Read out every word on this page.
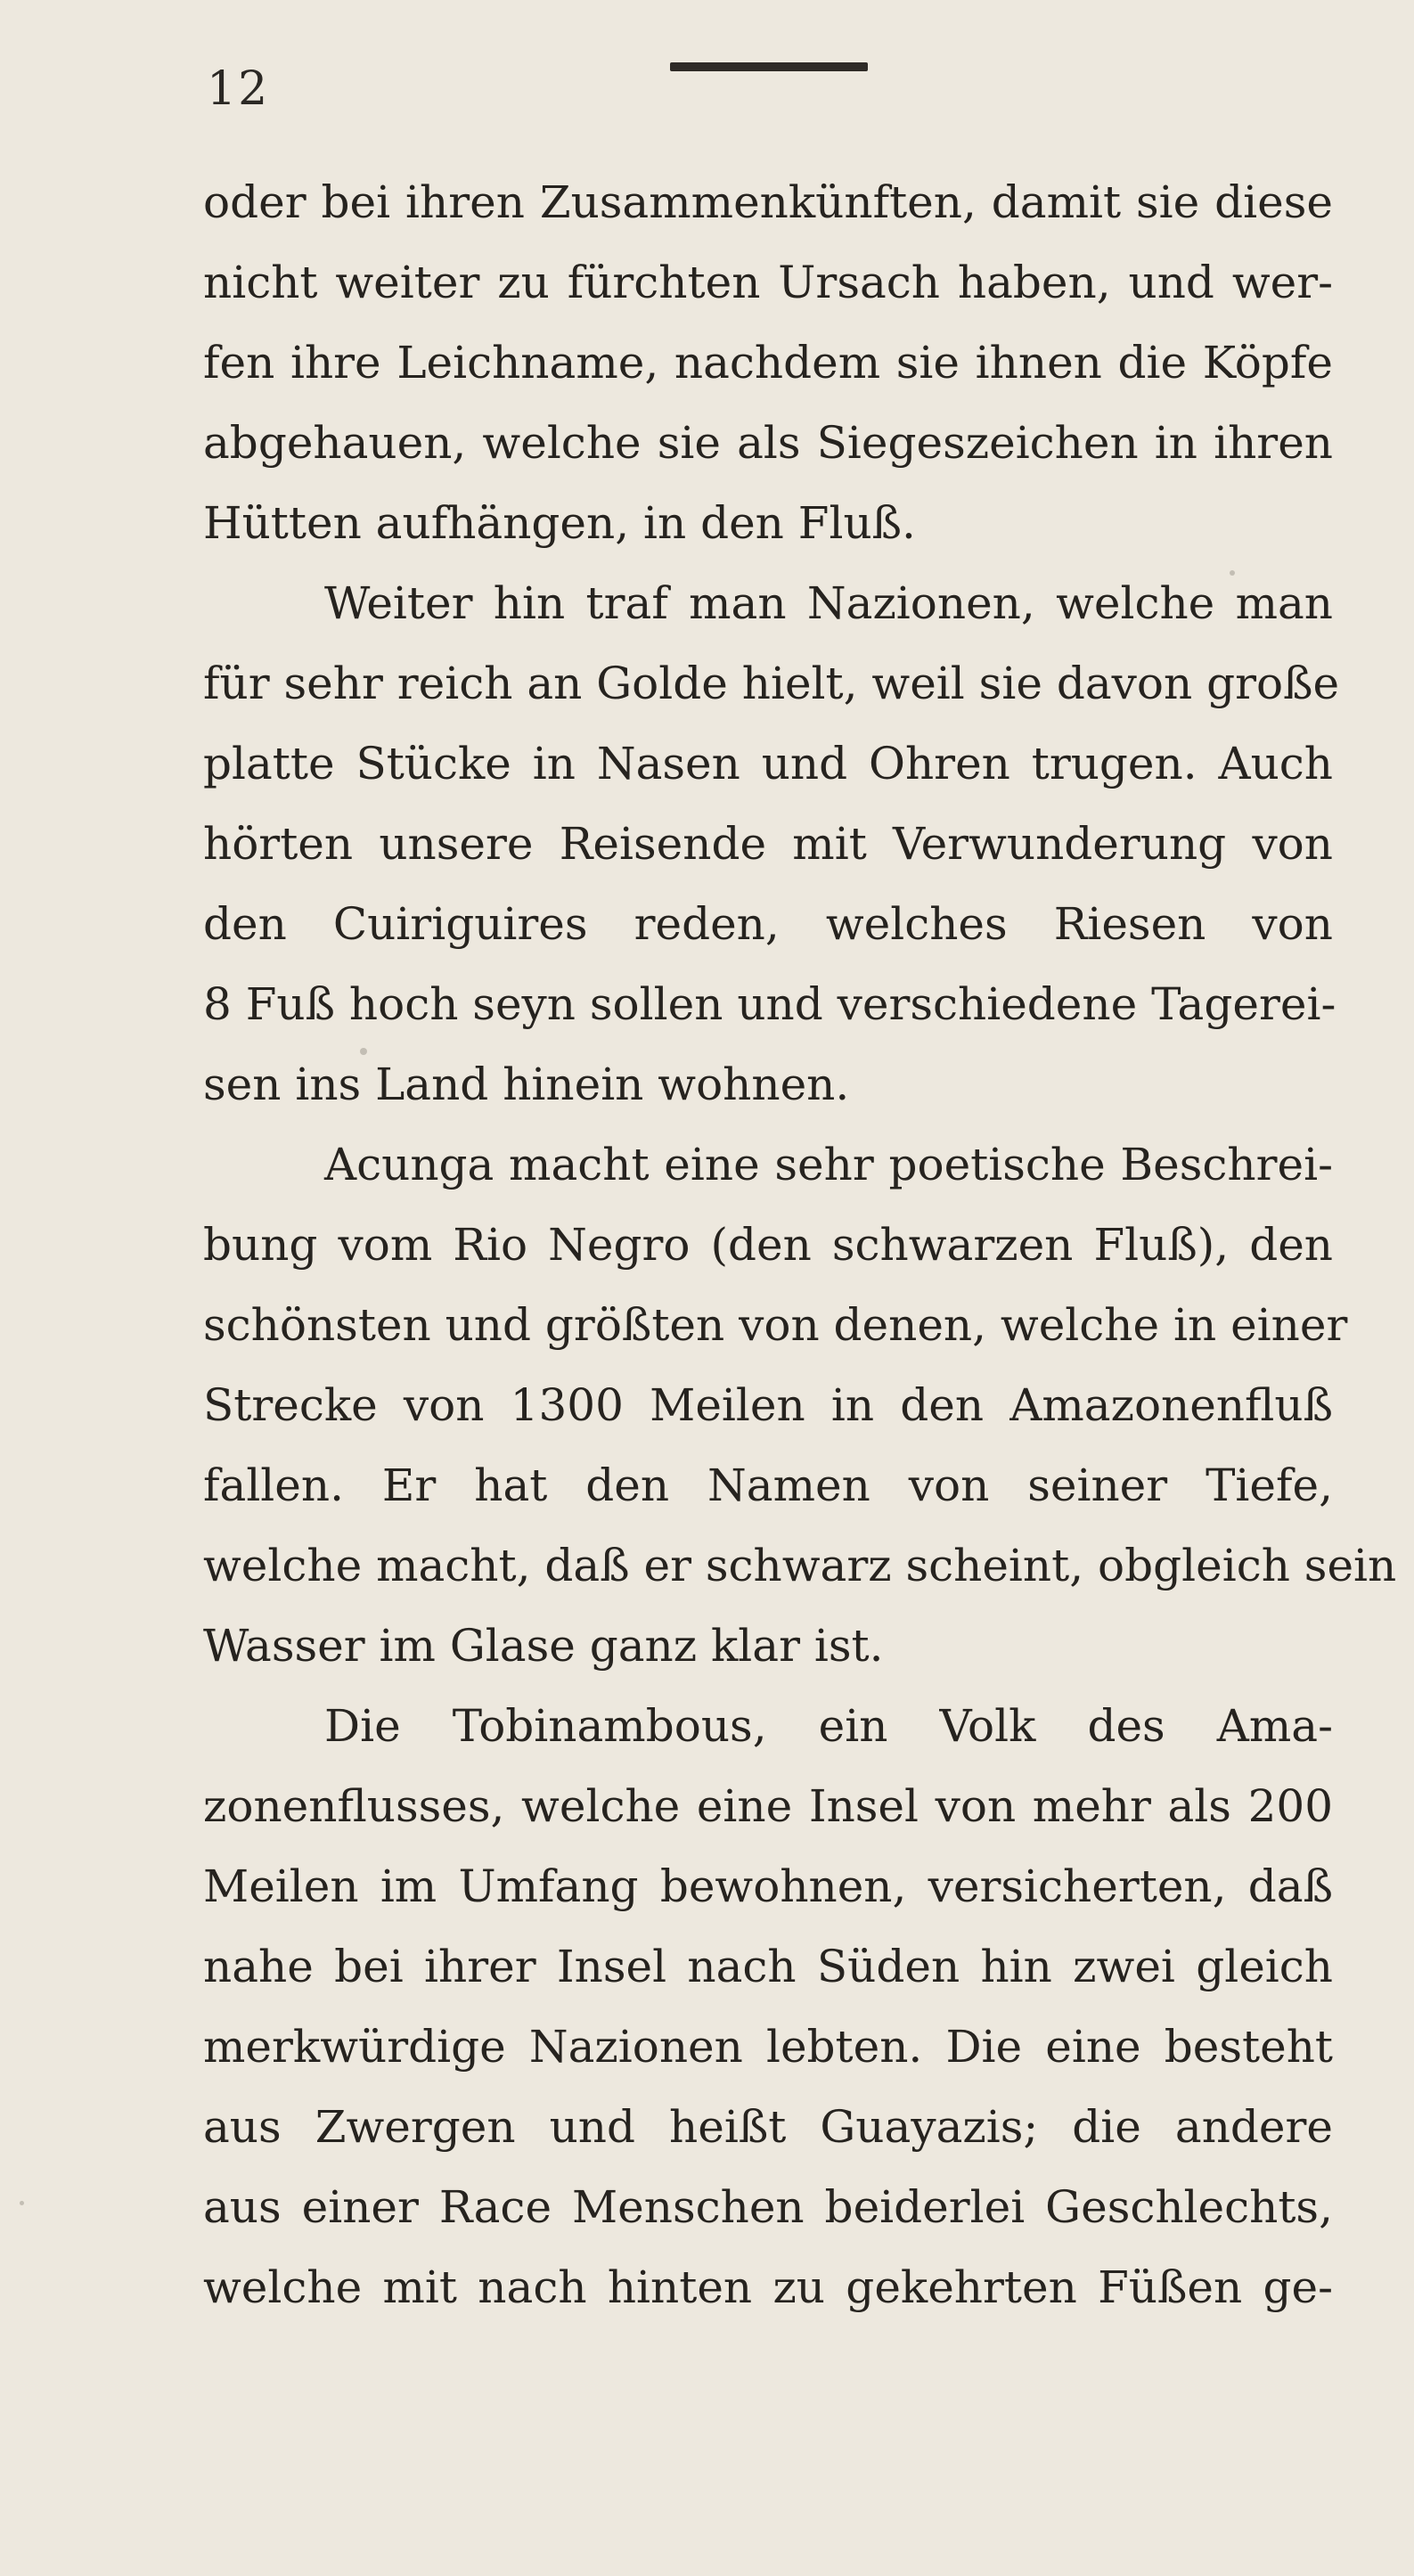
12
oder bei ihren Zusammenkünften, damit sie diese
nicht weiter zu fürchten Ursach haben, und wer-
fen ihre Leichname, nachdem sie ihnen die Köpfe
abgehauen, welche sie als Siegeszeichen in ihren
Hütten aufhängen, in den Fluß.
Weiter hin traf man Nazionen, welche man
für sehr reich an Golde hielt, weil sie davon große
platte Stücke in Nasen und Ohren trugen. Auch
hörten unsere Reisende mit Verwunderung von
den Cuiriguires reden, welches Riesen von
8 Fuß hoch seyn sollen und verschiedene Tagerei-
sen ins Land hinein wohnen.
Acunga macht eine sehr poetische Beschrei-
bung vom Rio Negro (den schwarzen Fluß), den
schönsten und größten von denen, welche in einer
Strecke von 1300 Meilen in den Amazonenfluß
fallen. Er hat den Namen von seiner Tiefe,
welche macht, daß er schwarz scheint, obgleich sein
Wasser im Glase ganz klar ist.
Die Tobinambous, ein Volk des Ama-
zonenflusses, welche eine Insel von mehr als 200
Meilen im Umfang bewohnen, versicherten, daß
nahe bei ihrer Insel nach Süden hin zwei gleich
merkwürdige Nazionen lebten. Die eine besteht
aus Zwergen und heißt Guayazis; die andere
aus einer Race Menschen beiderlei Geschlechts,
welche mit nach hinten zu gekehrten Füßen ge-
